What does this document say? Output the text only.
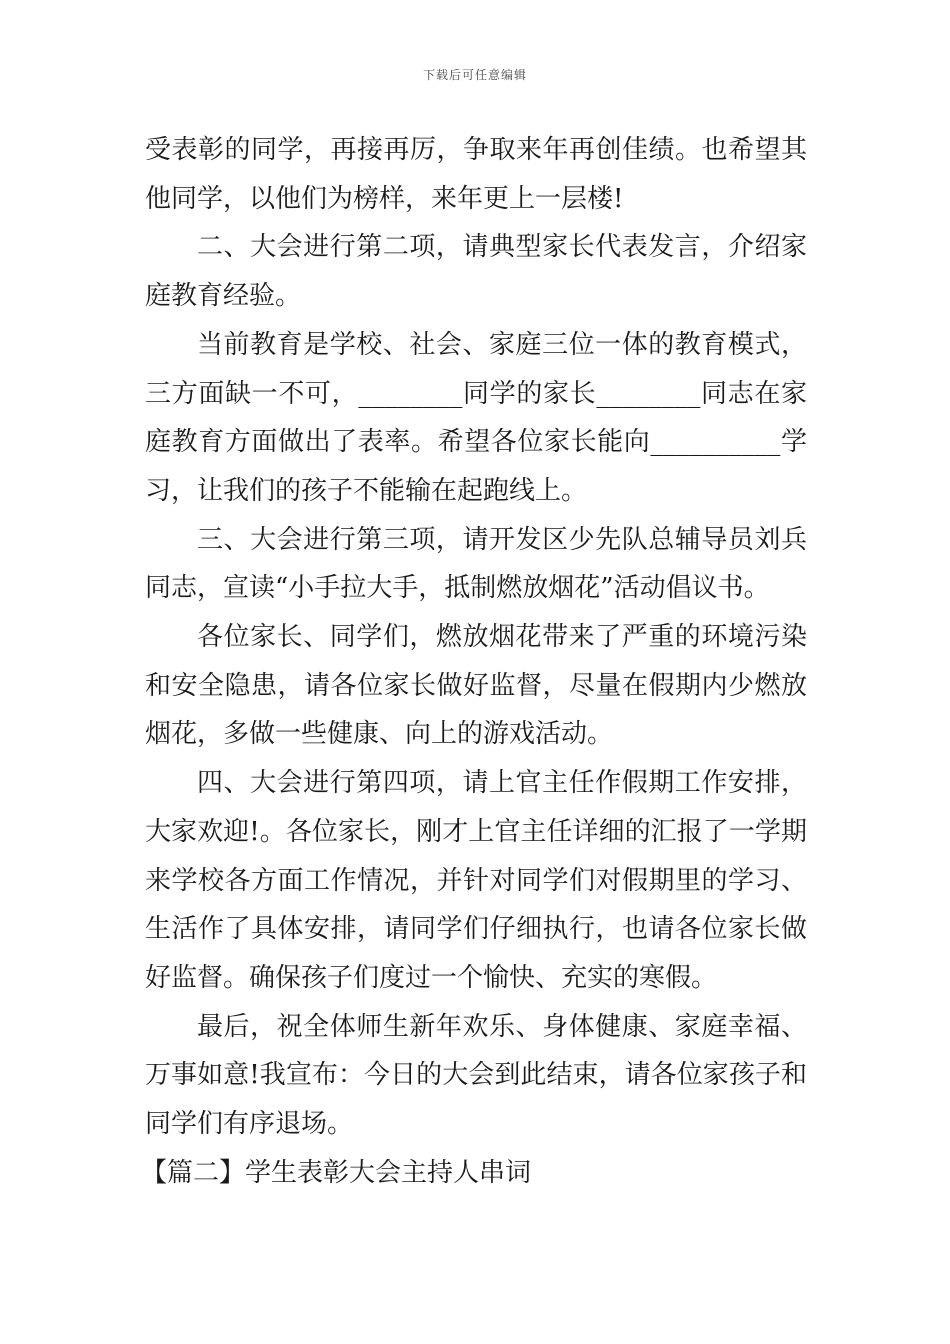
下载后可任意编辑

受表彰的同学，再接再厉，争取来年再创佳绩。也希望其他同学，以他们为榜样，来年更上一层楼!

二、大会进行第二项，请典型家长代表发言，介绍家庭教育经验。

当前教育是学校、社会、家庭三位一体的教育模式，三方面缺一不可，________同学的家长________同志在家庭教育方面做出了表率。希望各位家长能向__________学习，让我们的孩子不能输在起跑线上。

三、大会进行第三项，请开发区少先队总辅导员刘兵同志，宣读“小手拉大手，抵制燃放烟花”活动倡议书。

各位家长、同学们，燃放烟花带来了严重的环境污染和安全隐患，请各位家长做好监督，尽量在假期内少燃放烟花，多做一些健康、向上的游戏活动。

四、大会进行第四项，请上官主任作假期工作安排，大家欢迎!。各位家长，刚才上官主任详细的汇报了一学期来学校各方面工作情况，并针对同学们对假期里的学习、生活作了具体安排，请同学们仔细执行，也请各位家长做好监督。确保孩子们度过一个愉快、充实的寒假。

最后，祝全体师生新年欢乐、身体健康、家庭幸福、万事如意!我宣布：今日的大会到此结束，请各位家孩子和同学们有序退场。

【篇二】学生表彰大会主持人串词
